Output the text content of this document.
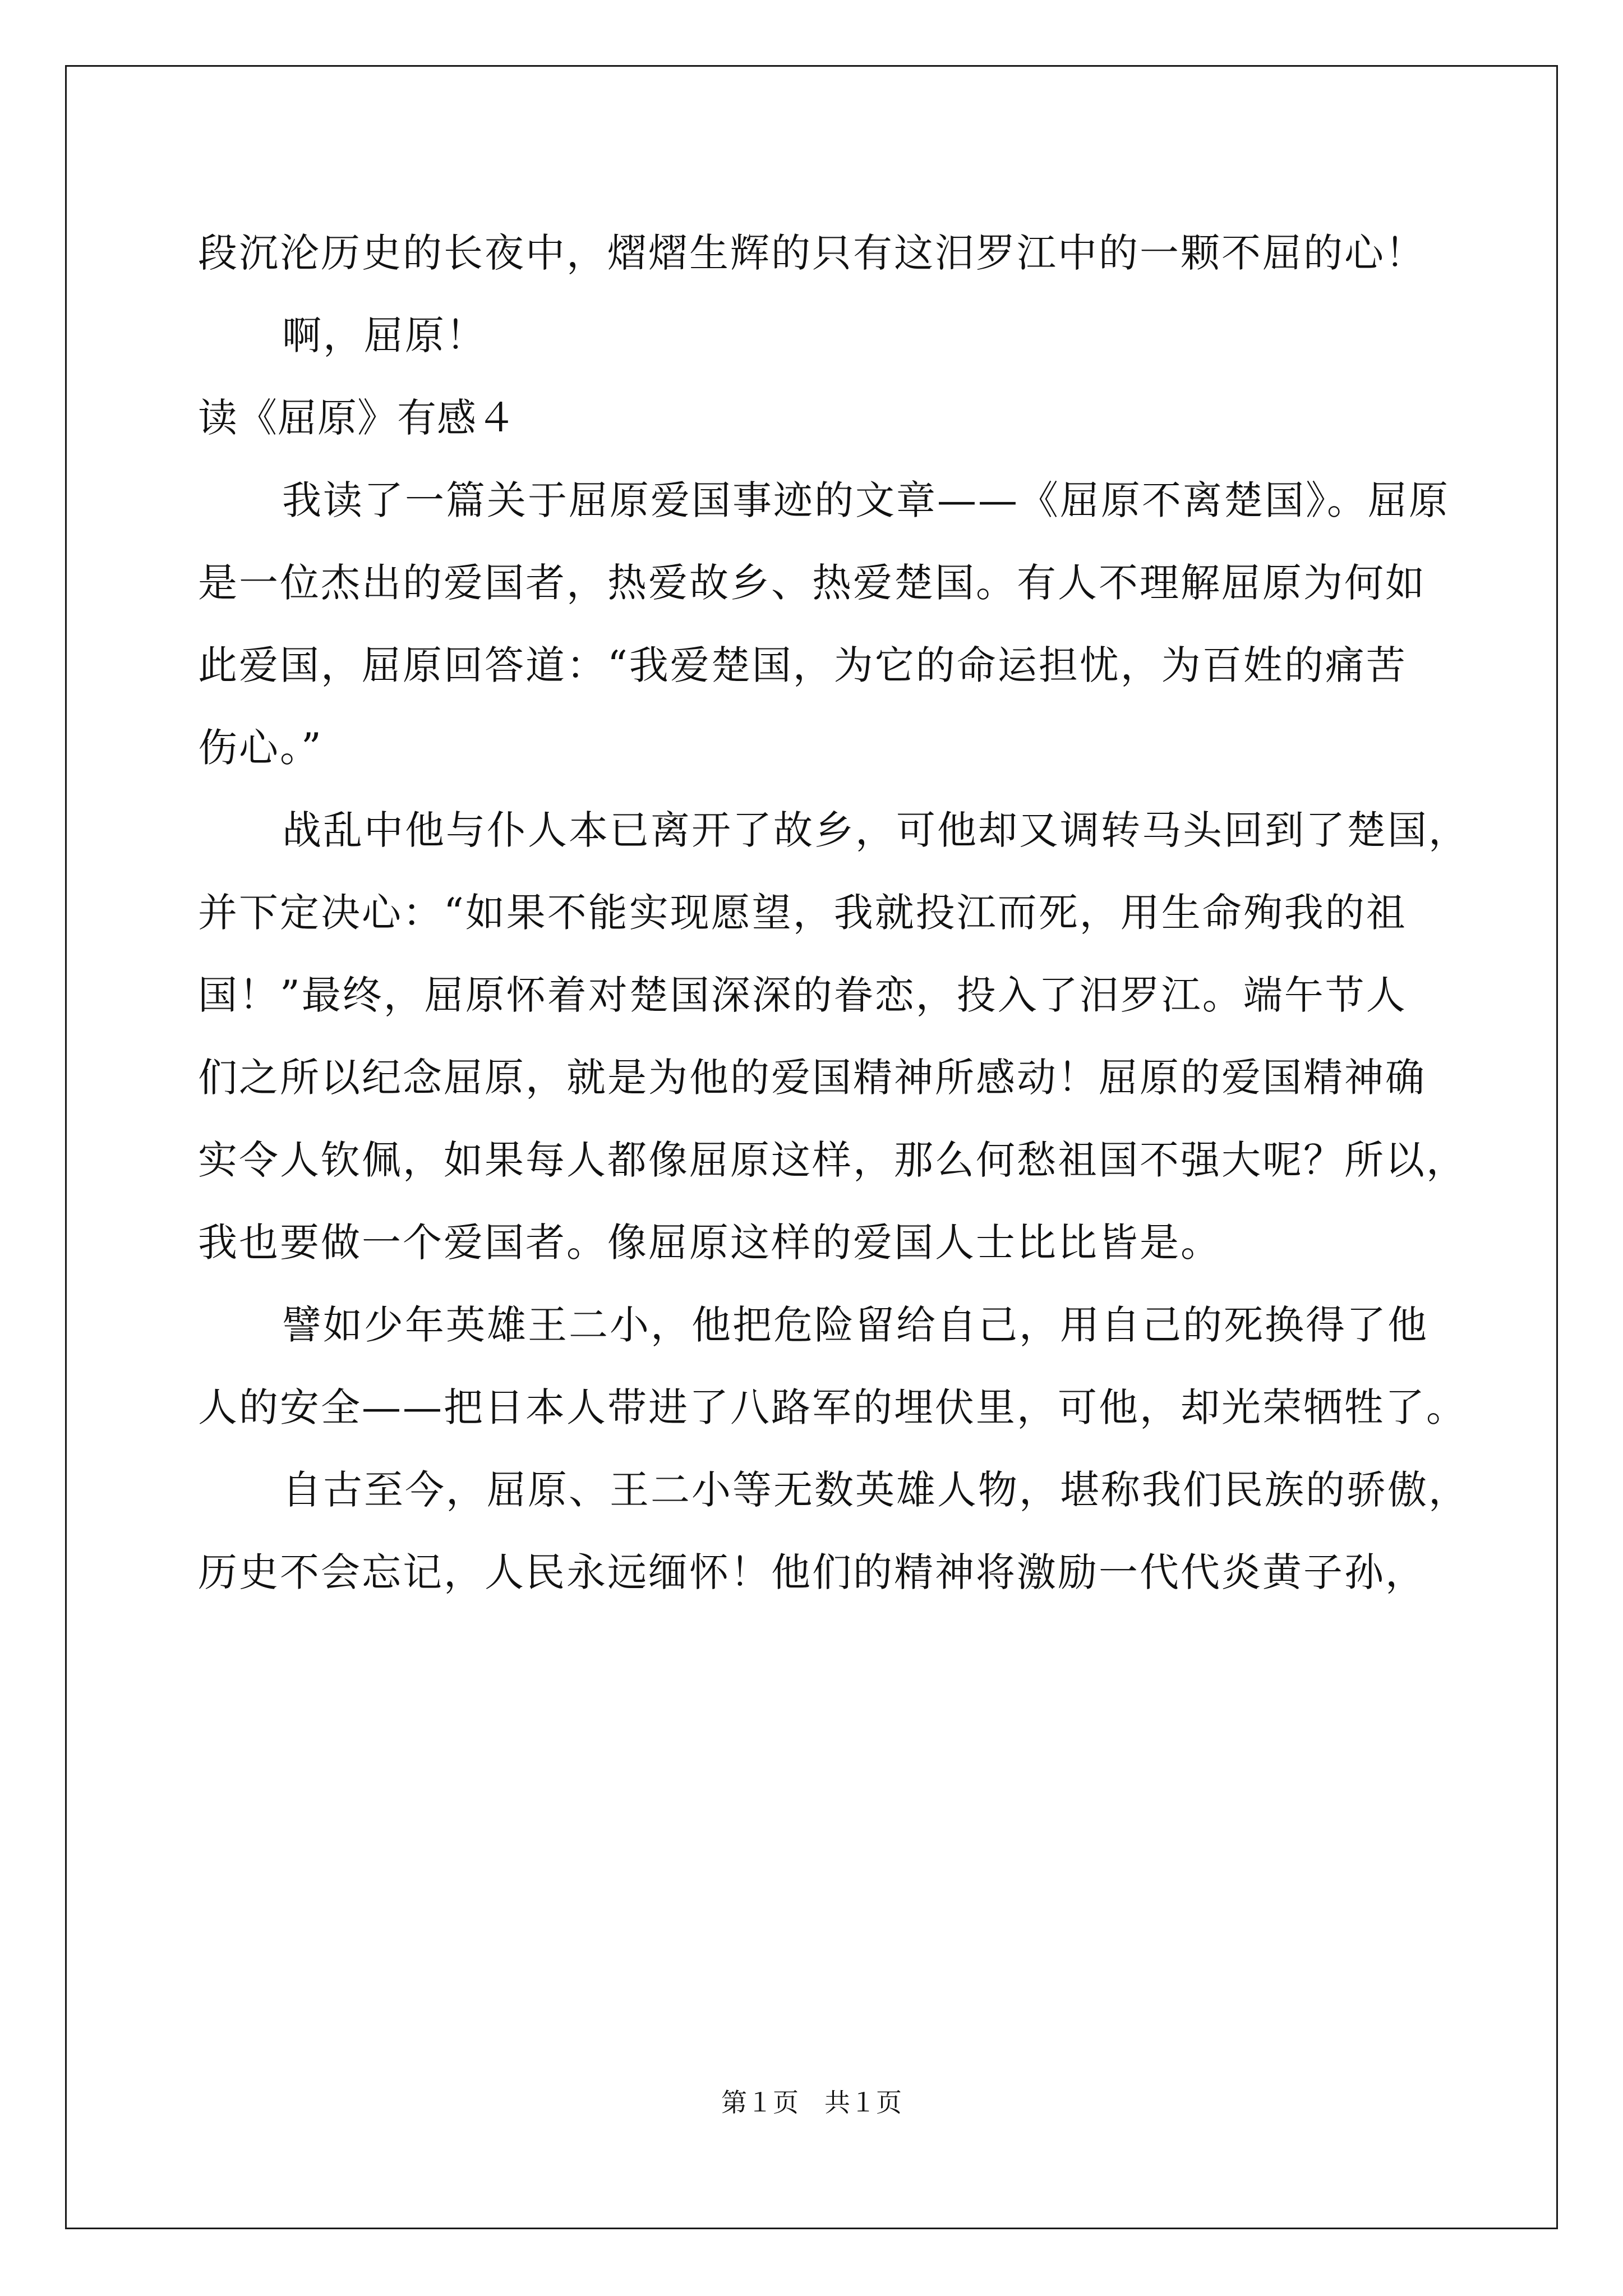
段沉沦历史的长夜中，熠熠生辉的只有这汨罗江中的一颗不屈的心！
啊，屈原！
读《屈原》有感４
我读了一篇关于屈原爱国事迹的文章——《屈原不离楚国》。屈原
是一位杰出的爱国者，热爱故乡、热爱楚国。有人不理解屈原为何如
此爱国，屈原回答道：“我爱楚国，为它的命运担忧，为百姓的痛苦
伤心。”
战乱中他与仆人本已离开了故乡，可他却又调转马头回到了楚国，
并下定决心：“如果不能实现愿望，我就投江而死，用生命殉我的祖
国！”最终，屈原怀着对楚国深深的眷恋，投入了汨罗江。端午节人
们之所以纪念屈原，就是为他的爱国精神所感动！屈原的爱国精神确
实令人钦佩，如果每人都像屈原这样，那么何愁祖国不强大呢？所以，
我也要做一个爱国者。像屈原这样的爱国人士比比皆是。
譬如少年英雄王二小，他把危险留给自己，用自己的死换得了他
人的安全——把日本人带进了八路军的埋伏里，可他，却光荣牺牲了。
自古至今，屈原、王二小等无数英雄人物，堪称我们民族的骄傲，
历史不会忘记，人民永远缅怀！他们的精神将激励一代代炎黄子孙，
第１页　共１页
